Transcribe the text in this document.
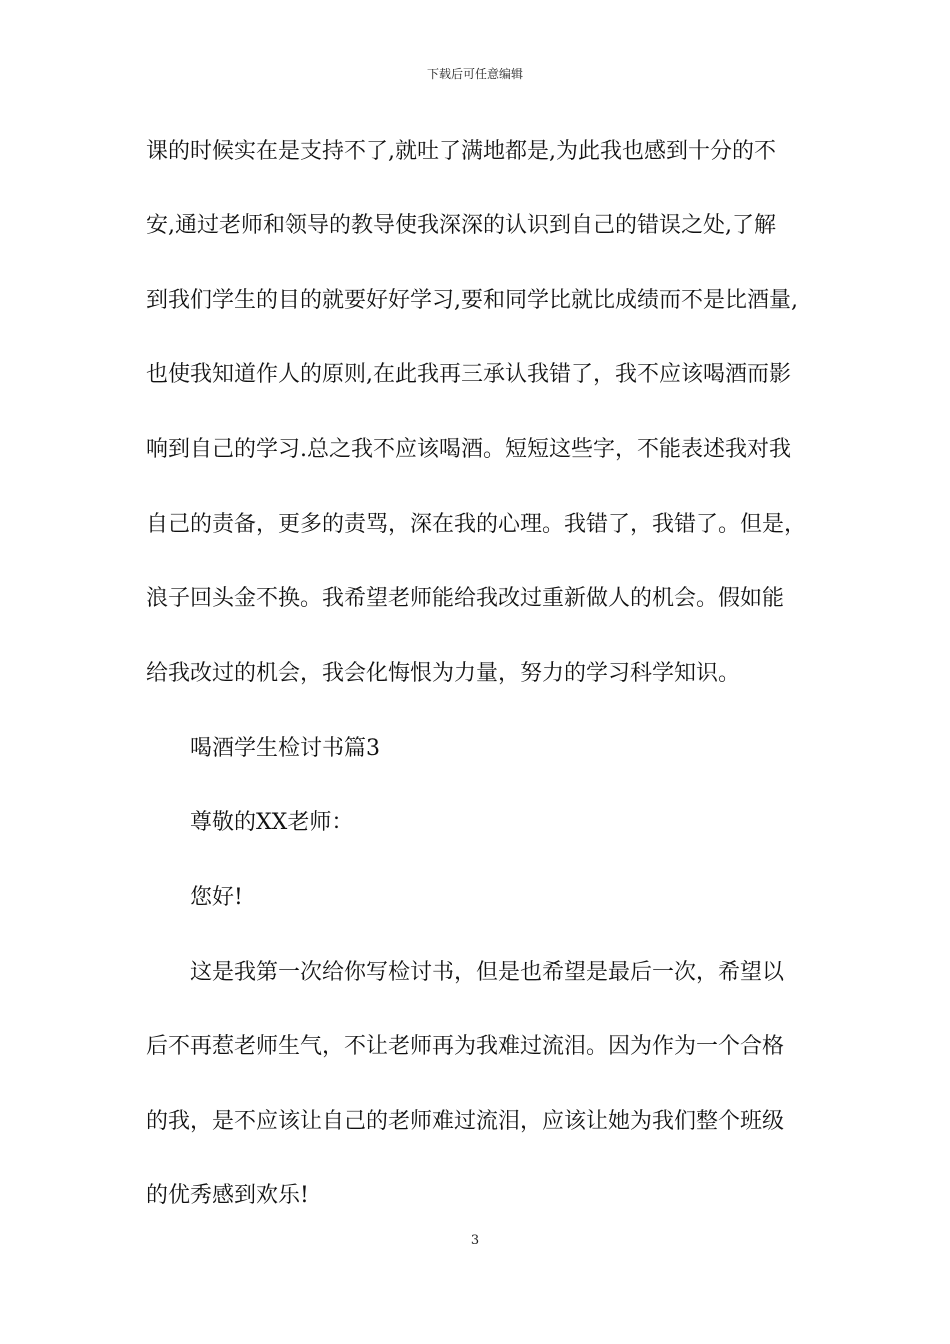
下载后可任意编辑
课的时候实在是支持不了,就吐了满地都是,为此我也感到十分的不
安,通过老师和领导的教导使我深深的认识到自己的错误之处,了解
到我们学生的目的就要好好学习,要和同学比就比成绩而不是比酒量,
也使我知道作人的原则,在此我再三承认我错了，我不应该喝酒而影
响到自己的学习.总之我不应该喝酒。短短这些字，不能表述我对我
自己的责备，更多的责骂，深在我的心理。我错了，我错了。但是，
浪子回头金不换。我希望老师能给我改过重新做人的机会。假如能
给我改过的机会，我会化悔恨为力量，努力的学习科学知识。
喝酒学生检讨书篇3
尊敬的XX老师：
您好!
这是我第一次给你写检讨书，但是也希望是最后一次，希望以
后不再惹老师生气，不让老师再为我难过流泪。因为作为一个合格
的我，是不应该让自己的老师难过流泪，应该让她为我们整个班级
的优秀感到欢乐!
3
